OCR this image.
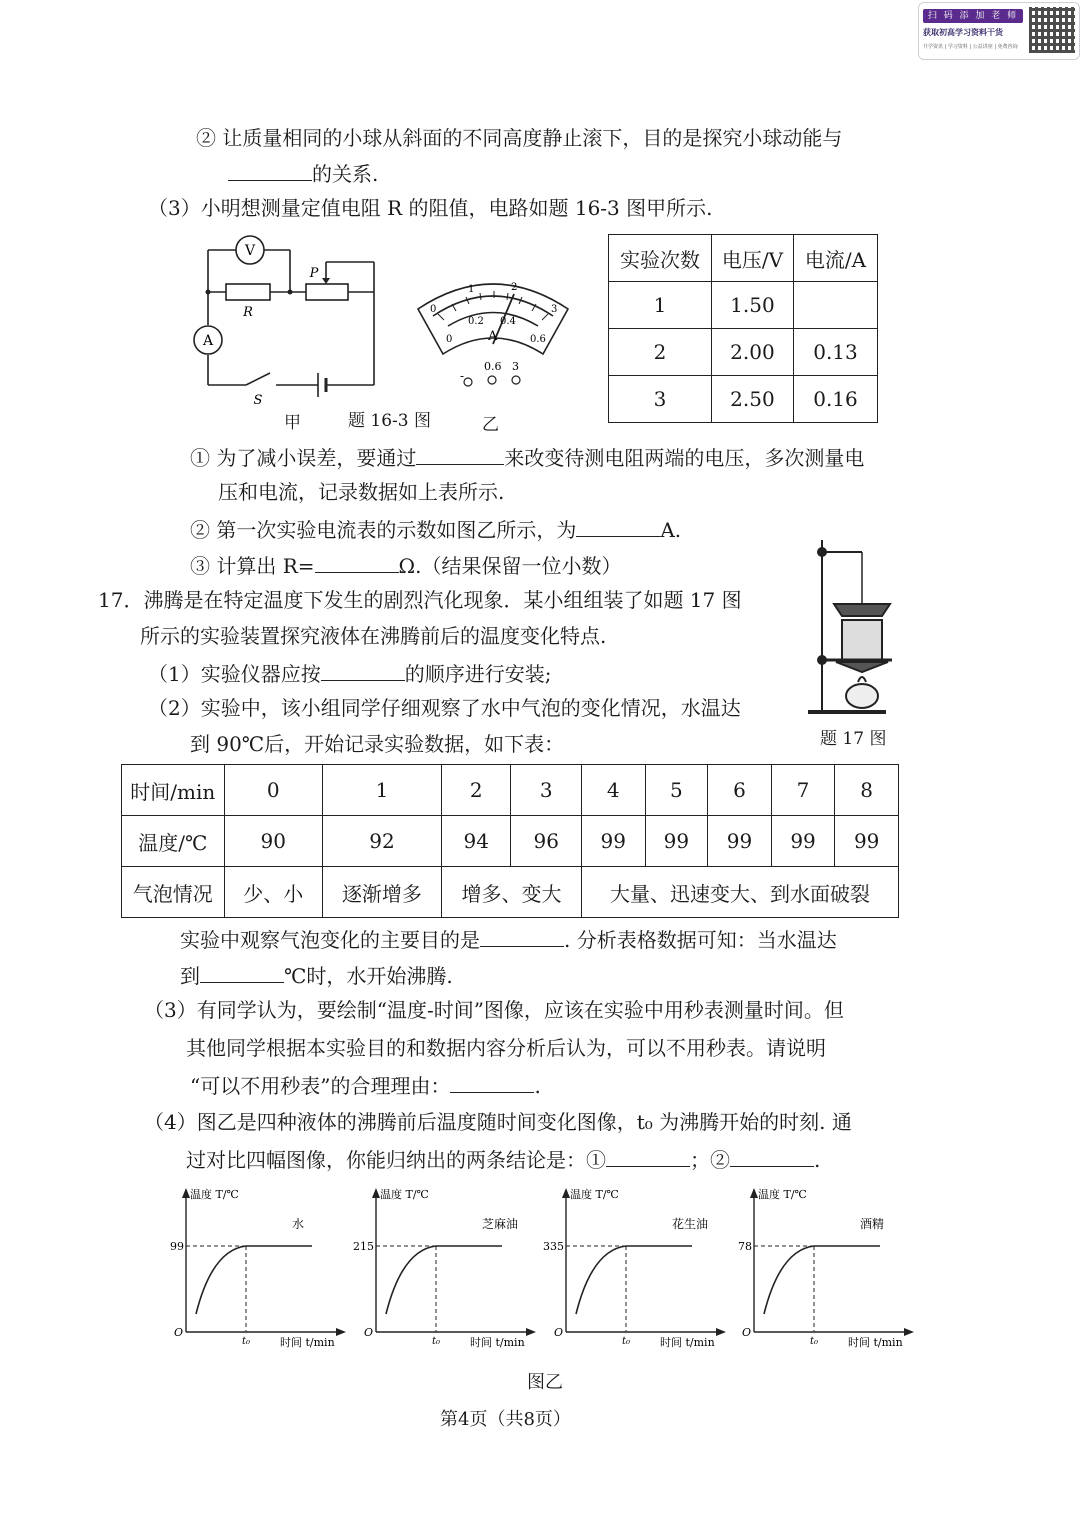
扫 码 添 加 老 师
获取初高学习资料干货
升学资讯 | 学习资料 | 公益讲座 | 免费咨询
② 让质量相同的小球从斜面的不同高度静止滚下，目的是探究小球动能与
的关系.
（3）小明想测量定值电阻 R 的阻值，电路如题 16-3 图甲所示.
V
A
R
P
S
0
1	2
3
0.2 0.4
0	0.6
A
-
0.6 3
甲	题 16-3 图	乙
实验次数	电压/V	电流/A
1	1.50	
2	2.00	0.13
3	2.50	0.16
① 为了减小误差，要通过	来改变待测电阻两端的电压，多次测量电
压和电流，记录数据如上表所示.
② 第一次实验电流表的示数如图乙所示，为	A.
③ 计算出 R=	Ω.（结果保留一位小数）
17．沸腾是在特定温度下发生的剧烈汽化现象．某小组组装了如题 17 图
所示的实验装置探究液体在沸腾前后的温度变化特点.
（1）实验仪器应按	的顺序进行安装;
（2）实验中，该小组同学仔细观察了水中气泡的变化情况，水温达
到 90℃后，开始记录实验数据，如下表：	题 17 图
时间/min	0	1	2	3	4	5	6	7	8
温度/℃	90	92	94	96	99	99	99	99	99
气泡情况	少、小	逐渐增多	增多、变大		大量、迅速变大、到水面破裂				
实验中观察气泡变化的主要目的是	. 分析表格数据可知：当水温达
到	℃时，水开始沸腾.
（3）有同学认为，要绘制“温度-时间”图像，应该在实验中用秒表测量时间。但
其他同学根据本实验目的和数据内容分析后认为，可以不用秒表。请说明
“可以不用秒表”的合理理由：	.
（4）图乙是四种液体的沸腾前后温度随时间变化图像，t₀ 为沸腾开始的时刻. 通
过对比四幅图像，你能归纳出的两条结论是：①	；②	.
温度 T/℃
时间 t/min
O
t₀
水
99
温度 T/℃
时间 t/min
O
t₀
芝麻油
215
温度 T/℃
时间 t/min
O
t₀
花生油
335
温度 T/℃
时间 t/min
O
t₀
酒精
78
图乙
第4页（共8页）
